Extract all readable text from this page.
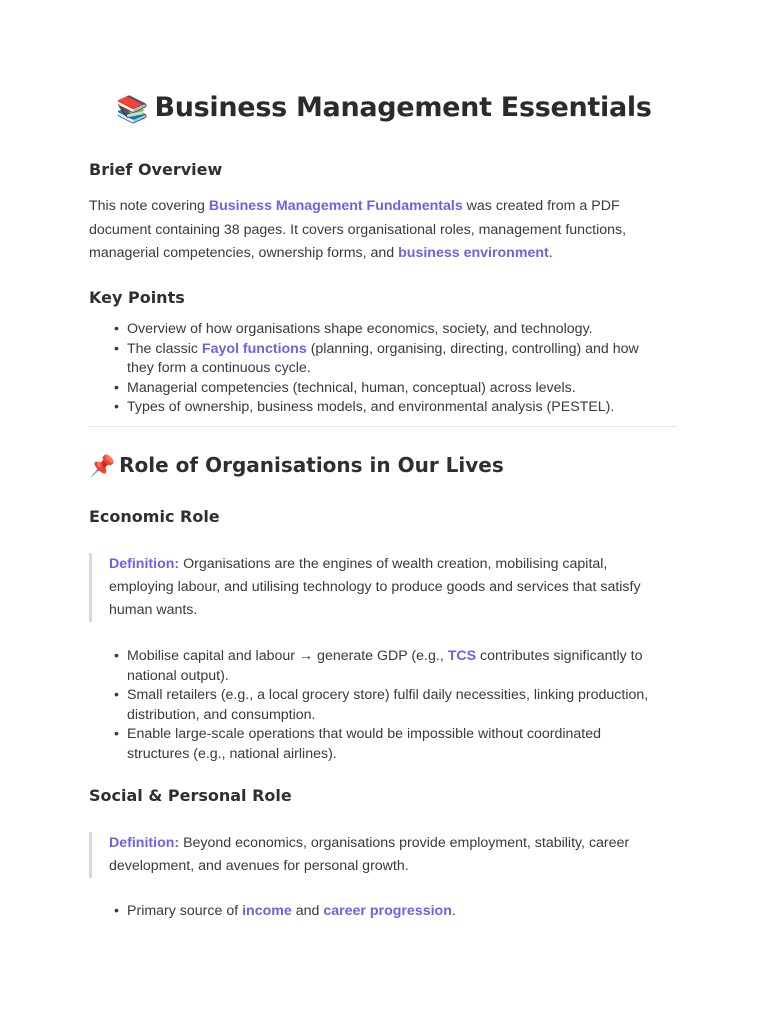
📚 Business Management Essentials
Brief Overview
This note covering Business Management Fundamentals was created from a PDF document containing 38 pages. It covers organisational roles, management functions, managerial competencies, ownership forms, and business environment.
Key Points
• Overview of how organisations shape economics, society, and technology.
• The classic Fayol functions (planning, organising, directing, controlling) and how they form a continuous cycle.
• Managerial competencies (technical, human, conceptual) across levels.
• Types of ownership, business models, and environmental analysis (PESTEL).
📌 Role of Organisations in Our Lives
Economic Role
Definition: Organisations are the engines of wealth creation, mobilising capital, employing labour, and utilising technology to produce goods and services that satisfy human wants.
• Mobilise capital and labour → generate GDP (e.g., TCS contributes significantly to national output).
• Small retailers (e.g., a local grocery store) fulfil daily necessities, linking production, distribution, and consumption.
• Enable large-scale operations that would be impossible without coordinated structures (e.g., national airlines).
Social & Personal Role
Definition: Beyond economics, organisations provide employment, stability, career development, and avenues for personal growth.
• Primary source of income and career progression.
